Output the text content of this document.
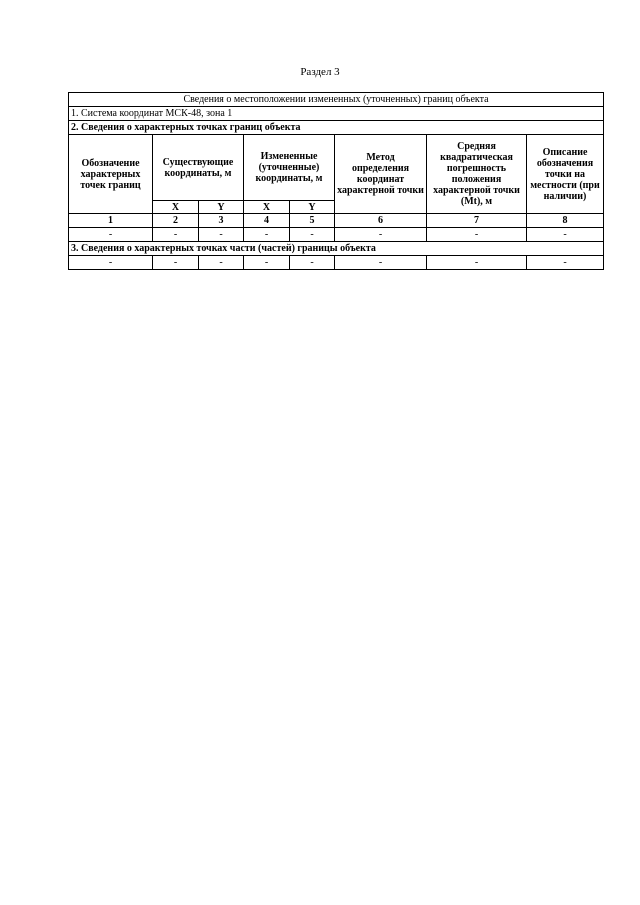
Раздел 3
Сведения о местоположении измененных (уточненных) границ объекта							
1. Система координат МСК-48, зона 1							
2. Сведения о характерных точках границ объекта							
Обозначение характерных точек границ	Существующие координаты, м		Измененные (уточненные) координаты, м		Метод определения координат характерной точки	Средняя квадратическая погрешность положения характерной точки (Mt), м	Описание обозначения точки на местности (при наличии)
	X	Y	X	Y			
1	2	3	4	5	6	7	8
-	-	-	-	-	-	-	-
3. Сведения о характерных точках части (частей) границы объекта							
-	-	-	-	-	-	-	-
